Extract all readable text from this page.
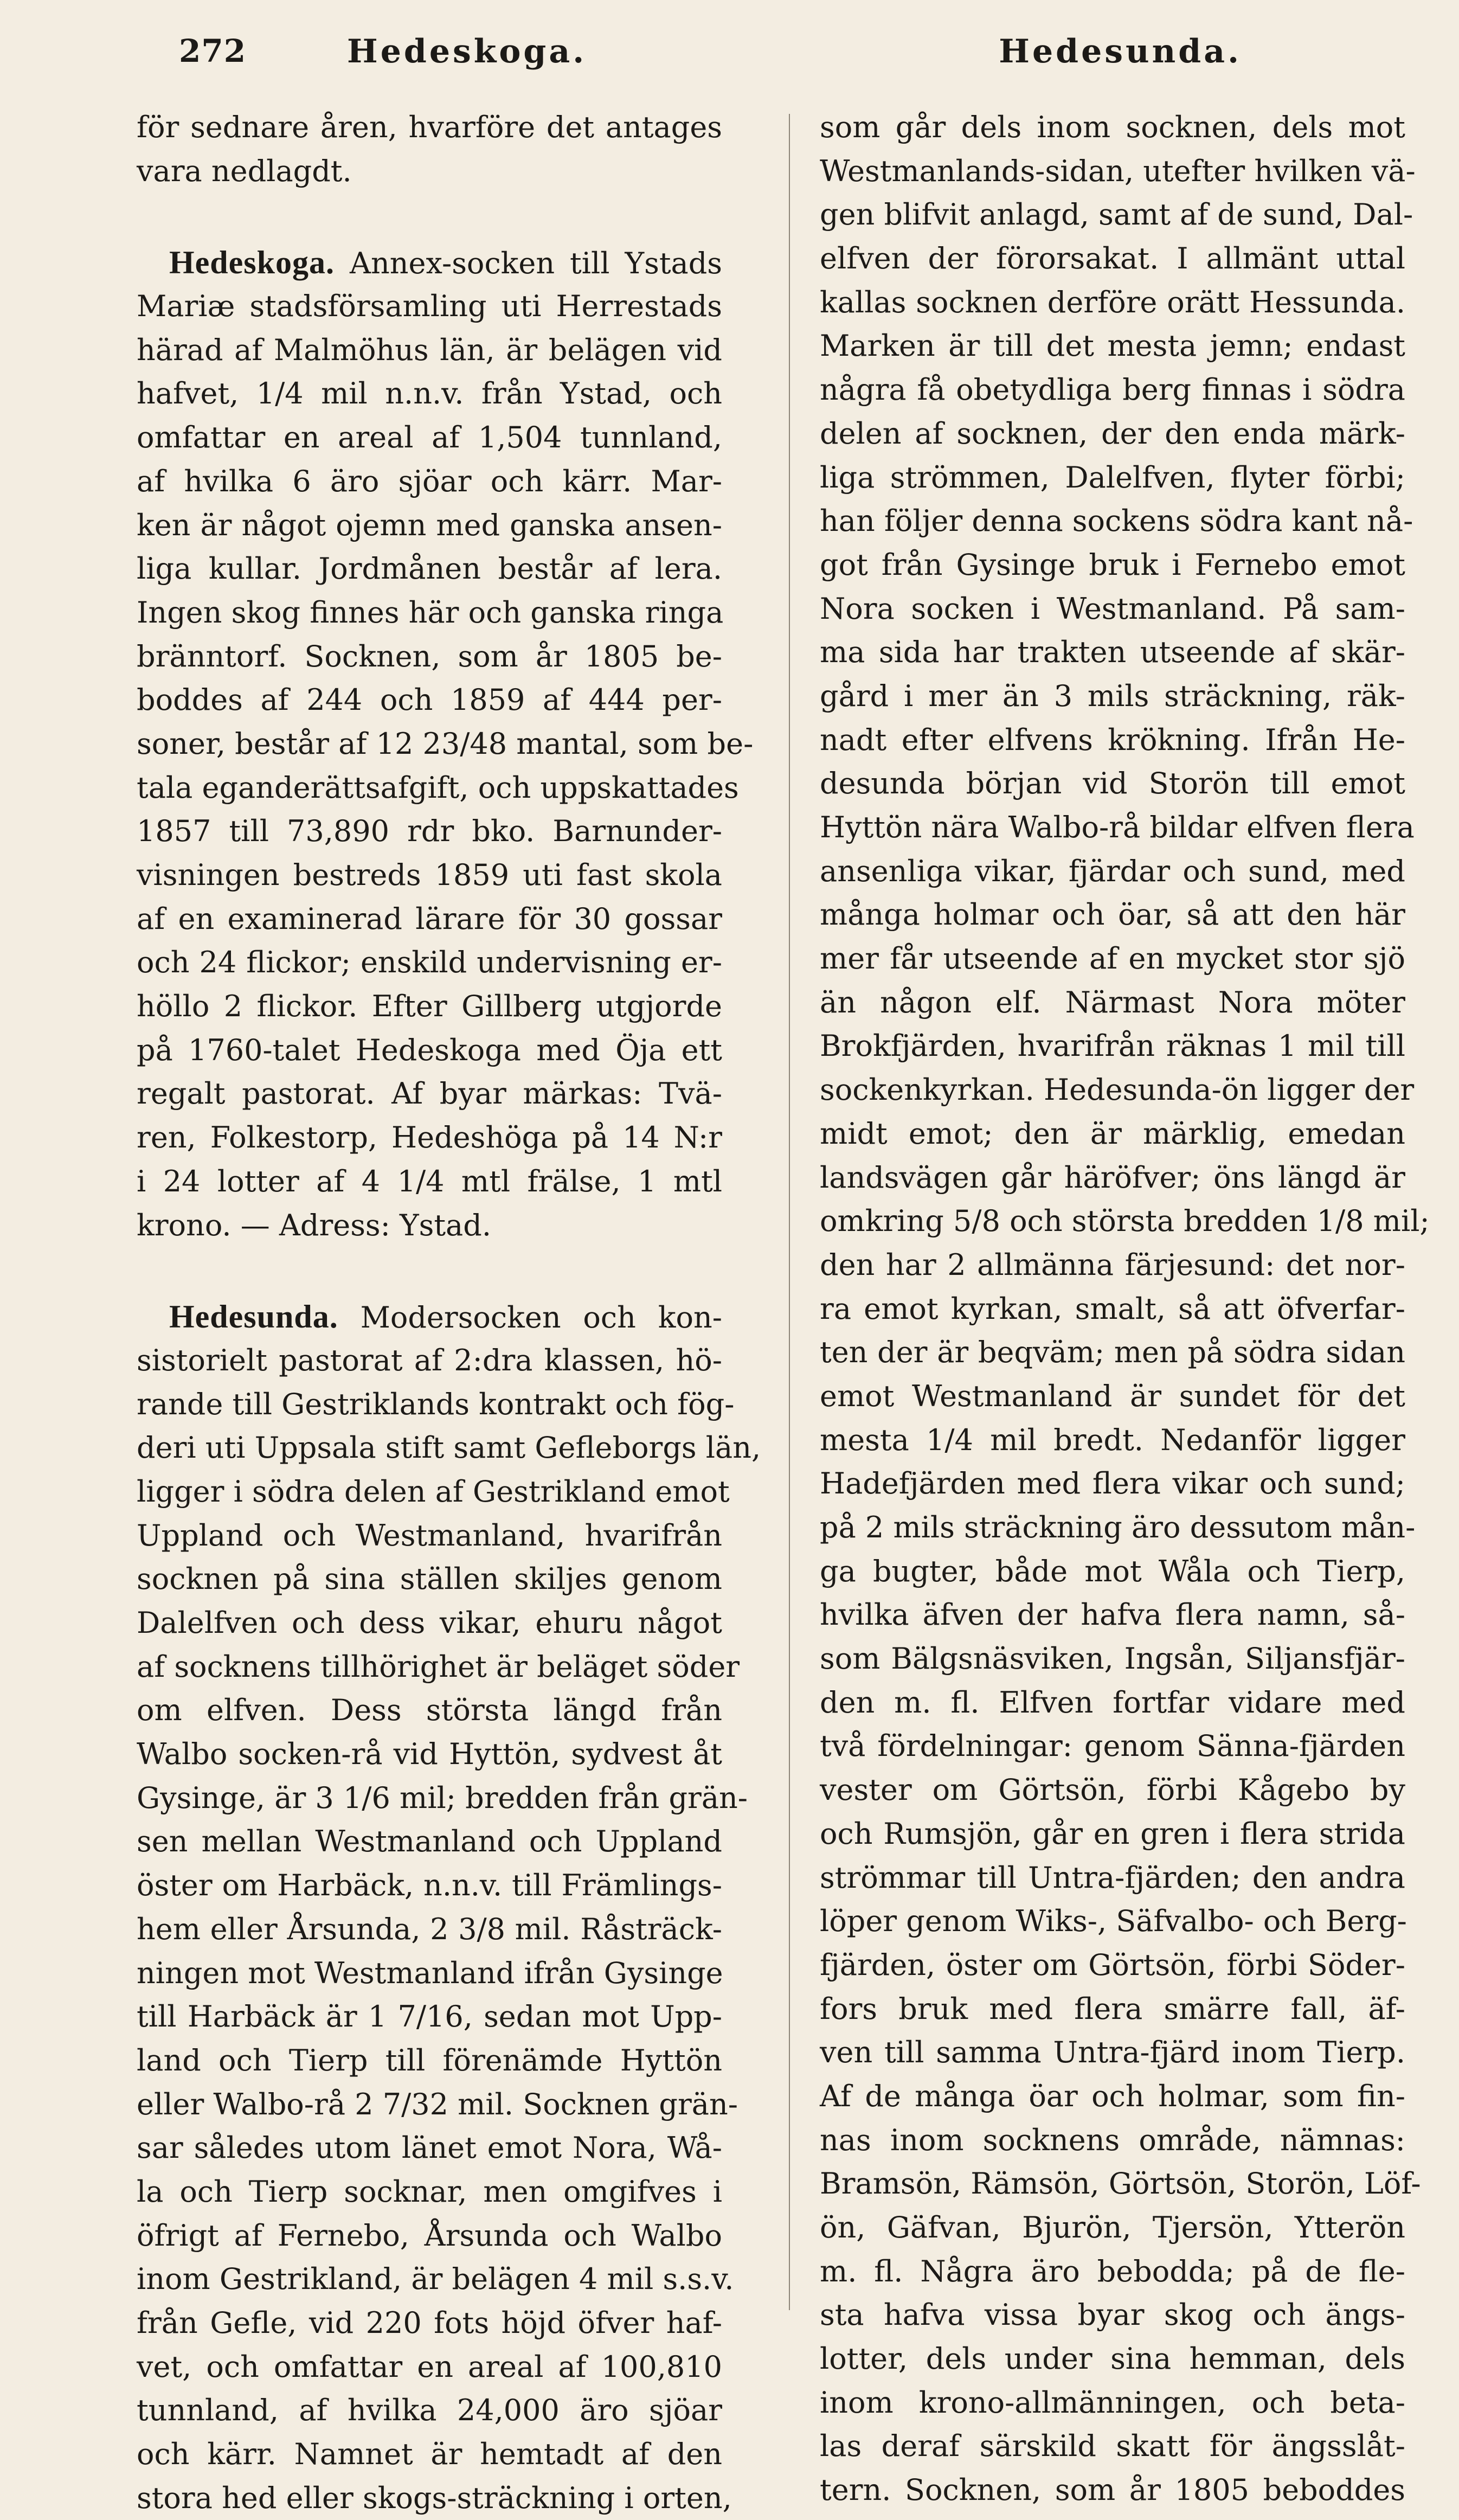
272	Hedeskoga.	Hedesunda.

för sednare åren, hvarföre det antages

vara nedlagdt.

Hedeskoga. Annex-socken till Ystads

Mariæ stadsförsamling uti Herrestads

härad af Malmöhus län, är belägen vid

hafvet, 1/4 mil n.n.v. från Ystad, och

omfattar en areal af 1,504 tunnland,

af hvilka 6 äro sjöar och kärr. Mar-

ken är något ojemn med ganska ansen-

liga kullar. Jordmånen består af lera.

Ingen skog finnes här och ganska ringa

bränntorf. Socknen, som år 1805 be-

boddes af 244 och 1859 af 444 per-

soner, består af 12 23/48 mantal, som be-

tala eganderättsafgift, och uppskattades

1857 till 73,890 rdr bko. Barnunder-

visningen bestreds 1859 uti fast skola

af en examinerad lärare för 30 gossar

och 24 flickor; enskild undervisning er-

höllo 2 flickor. Efter Gillberg utgjorde

på 1760-talet Hedeskoga med Öja ett

regalt pastorat. Af byar märkas: Tvä-

ren, Folkestorp, Hedeshöga på 14 N:r

i 24 lotter af 4 1/4 mtl frälse, 1 mtl

krono. — Adress: Ystad.

Hedesunda. Modersocken och kon-

sistorielt pastorat af 2:dra klassen, hö-

rande till Gestriklands kontrakt och fög-

deri uti Uppsala stift samt Gefleborgs län,

ligger i södra delen af Gestrikland emot

Uppland och Westmanland, hvarifrån

socknen på sina ställen skiljes genom

Dalelfven och dess vikar, ehuru något

af socknens tillhörighet är beläget söder

om elfven. Dess största längd från

Walbo socken-rå vid Hyttön, sydvest åt

Gysinge, är 3 1/6 mil; bredden från grän-

sen mellan Westmanland och Uppland

öster om Harbäck, n.n.v. till Främlings-

hem eller Årsunda, 2 3/8 mil. Råsträck-

ningen mot Westmanland ifrån Gysinge

till Harbäck är 1 7/16, sedan mot Upp-

land och Tierp till förenämde Hyttön

eller Walbo-rå 2 7/32 mil. Socknen grän-

sar således utom länet emot Nora, Wå-

la och Tierp socknar, men omgifves i

öfrigt af Fernebo, Årsunda och Walbo

inom Gestrikland, är belägen 4 mil s.s.v.

från Gefle, vid 220 fots höjd öfver haf-

vet, och omfattar en areal af 100,810

tunnland, af hvilka 24,000 äro sjöar

och kärr. Namnet är hemtadt af den

stora hed eller skogs-sträckning i orten,

som går dels inom socknen, dels mot

Westmanlands-sidan, utefter hvilken vä-

gen blifvit anlagd, samt af de sund, Dal-

elfven der förorsakat. I allmänt uttal

kallas socknen derföre orätt Hessunda.

Marken är till det mesta jemn; endast

några få obetydliga berg finnas i södra

delen af socknen, der den enda märk-

liga strömmen, Dalelfven, flyter förbi;

han följer denna sockens södra kant nå-

got från Gysinge bruk i Fernebo emot

Nora socken i Westmanland. På sam-

ma sida har trakten utseende af skär-

gård i mer än 3 mils sträckning, räk-

nadt efter elfvens krökning. Ifrån He-

desunda början vid Storön till emot

Hyttön nära Walbo-rå bildar elfven flera

ansenliga vikar, fjärdar och sund, med

många holmar och öar, så att den här

mer får utseende af en mycket stor sjö

än någon elf. Närmast Nora möter

Brokfjärden, hvarifrån räknas 1 mil till

sockenkyrkan. Hedesunda-ön ligger der

midt emot; den är märklig, emedan

landsvägen går häröfver; öns längd är

omkring 5/8 och största bredden 1/8 mil;

den har 2 allmänna färjesund: det nor-

ra emot kyrkan, smalt, så att öfverfar-

ten der är beqväm; men på södra sidan

emot Westmanland är sundet för det

mesta 1/4 mil bredt. Nedanför ligger

Hadefjärden med flera vikar och sund;

på 2 mils sträckning äro dessutom mån-

ga bugter, både mot Wåla och Tierp,

hvilka äfven der hafva flera namn, så-

som Bälgsnäsviken, Ingsån, Siljansfjär-

den m. fl. Elfven fortfar vidare med

två fördelningar: genom Sänna-fjärden

vester om Görtsön, förbi Kågebo by

och Rumsjön, går en gren i flera strida

strömmar till Untra-fjärden; den andra

löper genom Wiks-, Säfvalbo- och Berg-

fjärden, öster om Görtsön, förbi Söder-

fors bruk med flera smärre fall, äf-

ven till samma Untra-fjärd inom Tierp.

Af de många öar och holmar, som fin-

nas inom socknens område, nämnas:

Bramsön, Rämsön, Görtsön, Storön, Löf-

ön, Gäfvan, Bjurön, Tjersön, Ytterön

m. fl. Några äro bebodda; på de fle-

sta hafva vissa byar skog och ängs-

lotter, dels under sina hemman, dels

inom krono-allmänningen, och beta-

las deraf särskild skatt för ängsslåt-

tern. Socknen, som år 1805 beboddes
